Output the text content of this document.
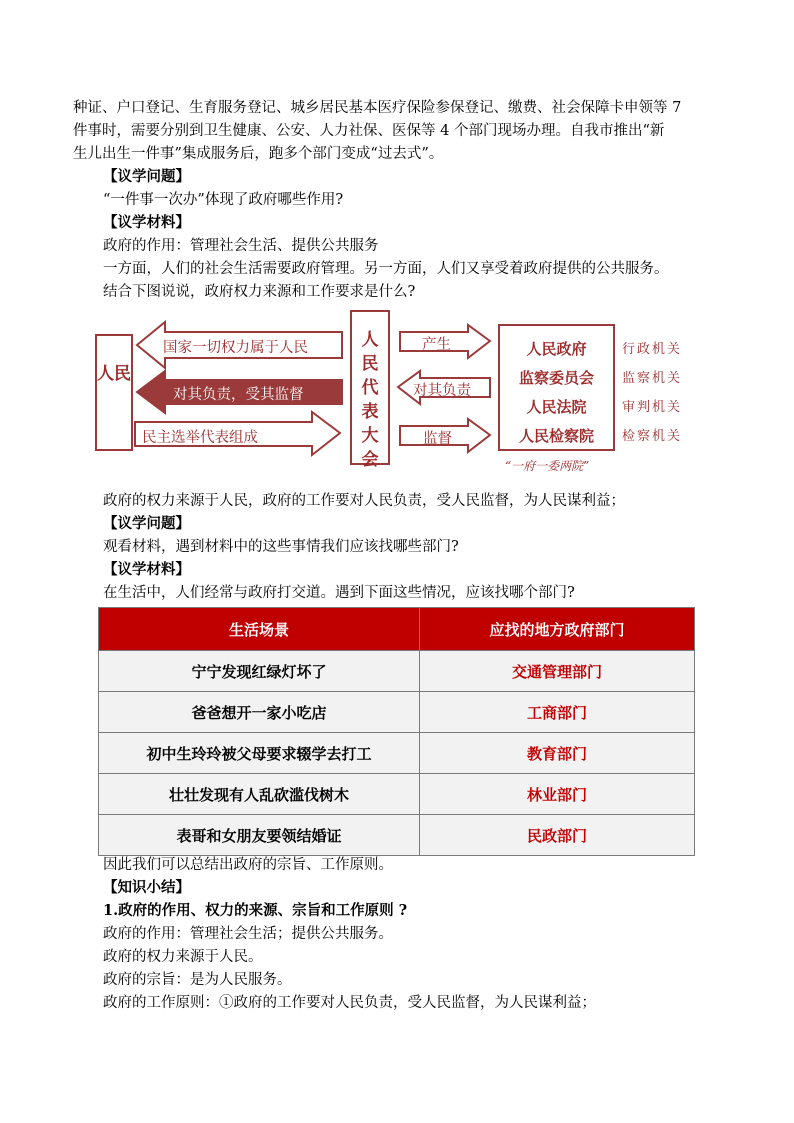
种证、户口登记、生育服务登记、城乡居民基本医疗保险参保登记、缴费、社会保障卡申领等 7
件事时，需要分别到卫生健康、公安、人力社保、医保等 4 个部门现场办理。自我市推出“新
生儿出生一件事”集成服务后，跑多个部门变成“过去式”。
【议学问题】
“一件事一次办”体现了政府哪些作用?
【议学材料】
政府的作用：管理社会生活、提供公共服务
一方面，人们的社会生活需要政府管理。另一方面，人们又享受着政府提供的公共服务。
结合下图说说，政府权力来源和工作要求是什么?
人民
国家一切权力属于人民
对其负责，受其监督
民主选举代表组成
人民代表大会
产生
对其负责
监督
人民政府
监察委员会
人民法院
人民检察院
行政机关
监察机关
审判机关
检察机关
“一府一委两院”
政府的权力来源于人民，政府的工作要对人民负责，受人民监督，为人民谋利益；
【议学问题】
观看材料，遇到材料中的这些事情我们应该找哪些部门?
【议学材料】
在生活中，人们经常与政府打交道。遇到下面这些情况，应该找哪个部门?
生活场景	应找的地方政府部门
宁宁发现红绿灯坏了	交通管理部门
爸爸想开一家小吃店	工商部门
初中生玲玲被父母要求辍学去打工	教育部门
壮壮发现有人乱砍滥伐树木	林业部门
表哥和女朋友要领结婚证	民政部门
因此我们可以总结出政府的宗旨、工作原则。
【知识小结】
1.政府的作用、权力的来源、宗旨和工作原则 ?
政府的作用：管理社会生活；提供公共服务。
政府的权力来源于人民。
政府的宗旨：是为人民服务。
政府的工作原则：①政府的工作要对人民负责，受人民监督，为人民谋利益；
